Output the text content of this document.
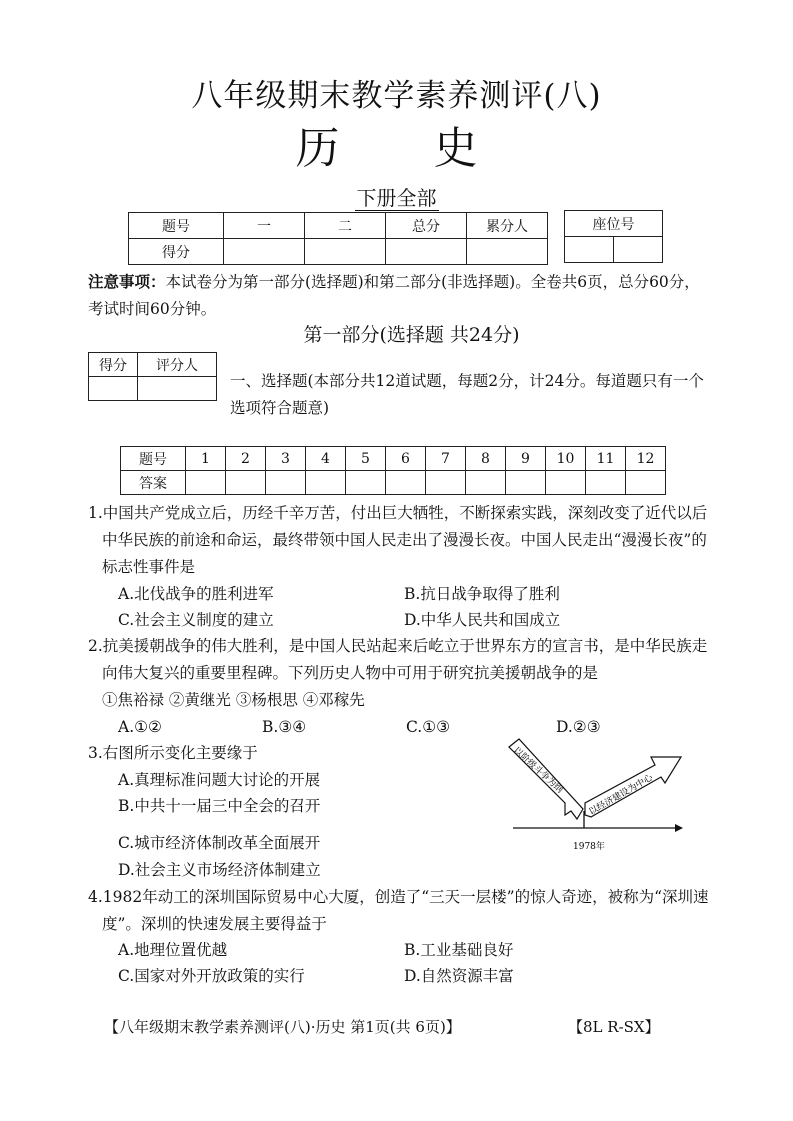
八年级期末教学素养测评(八)
历 史
下册全部
题号	一	二	总分	累分人
得分				
座位号

注意事项：本试卷分为第一部分(选择题)和第二部分(非选择题)。全卷共6页，总分60分，考试时间60分钟。
第一部分(选择题 共24分)
得分	评分人

一、选择题(本部分共12道试题，每题2分，计24分。每道题只有一个选项符合题意)
题号	1	2	3	4	5	6	7	8	9	10	11	12
答案												
1.中国共产党成立后，历经千辛万苦，付出巨大牺牲，不断探索实践，深刻改变了近代以后中华民族的前途和命运，最终带领中国人民走出了漫漫长夜。中国人民走出“漫漫长夜”的标志性事件是
A.北伐战争的胜利进军	B.抗日战争取得了胜利
C.社会主义制度的建立	D.中华人民共和国成立
2.抗美援朝战争的伟大胜利，是中国人民站起来后屹立于世界东方的宣言书，是中华民族走向伟大复兴的重要里程碑。下列历史人物中可用于研究抗美援朝战争的是
①焦裕禄 ②黄继光 ③杨根思 ④邓稼先
A.①②	B.③④	C.①③	D.②③
3.右图所示变化主要缘于
A.真理标准问题大讨论的开展
B.中共十一届三中全会的召开
C.城市经济体制改革全面展开
D.社会主义市场经济体制建立
以阶级斗争为纲	以经济建设为中心
1978年
4.1982年动工的深圳国际贸易中心大厦，创造了“三天一层楼”的惊人奇迹，被称为“深圳速度”。深圳的快速发展主要得益于
A.地理位置优越	B.工业基础良好
C.国家对外开放政策的实行	D.自然资源丰富
【八年级期末教学素养测评(八)·历史 第1页(共 6页)】	【8L R-SX】
